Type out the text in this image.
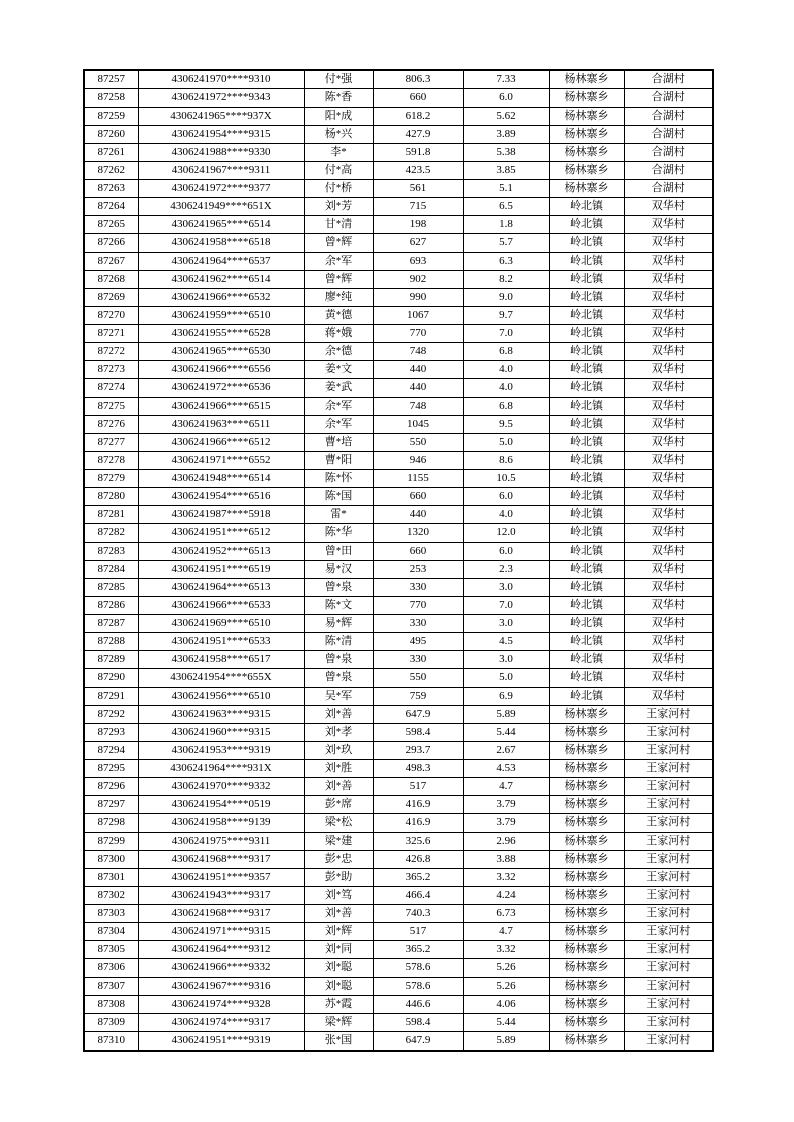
87257	4306241970****9310	付*强	806.3	7.33	杨林寨乡	合湖村
87258	4306241972****9343	陈*香	660	6.0	杨林寨乡	合湖村
87259	4306241965****937X	阳*成	618.2	5.62	杨林寨乡	合湖村
87260	4306241954****9315	杨*兴	427.9	3.89	杨林寨乡	合湖村
87261	4306241988****9330	李*	591.8	5.38	杨林寨乡	合湖村
87262	4306241967****9311	付*高	423.5	3.85	杨林寨乡	合湖村
87263	4306241972****9377	付*桥	561	5.1	杨林寨乡	合湖村
87264	4306241949****651X	刘*芳	715	6.5	岭北镇	双华村
87265	4306241965****6514	甘*清	198	1.8	岭北镇	双华村
87266	4306241958****6518	曾*辉	627	5.7	岭北镇	双华村
87267	4306241964****6537	余*军	693	6.3	岭北镇	双华村
87268	4306241962****6514	曾*辉	902	8.2	岭北镇	双华村
87269	4306241966****6532	廖*纯	990	9.0	岭北镇	双华村
87270	4306241959****6510	黄*德	1067	9.7	岭北镇	双华村
87271	4306241955****6528	蒋*娥	770	7.0	岭北镇	双华村
87272	4306241965****6530	余*德	748	6.8	岭北镇	双华村
87273	4306241966****6556	姜*文	440	4.0	岭北镇	双华村
87274	4306241972****6536	姜*武	440	4.0	岭北镇	双华村
87275	4306241966****6515	余*军	748	6.8	岭北镇	双华村
87276	4306241963****6511	余*军	1045	9.5	岭北镇	双华村
87277	4306241966****6512	曹*培	550	5.0	岭北镇	双华村
87278	4306241971****6552	曹*阳	946	8.6	岭北镇	双华村
87279	4306241948****6514	陈*怀	1155	10.5	岭北镇	双华村
87280	4306241954****6516	陈*国	660	6.0	岭北镇	双华村
87281	4306241987****5918	雷*	440	4.0	岭北镇	双华村
87282	4306241951****6512	陈*华	1320	12.0	岭北镇	双华村
87283	4306241952****6513	曾*田	660	6.0	岭北镇	双华村
87284	4306241951****6519	易*汉	253	2.3	岭北镇	双华村
87285	4306241964****6513	曾*泉	330	3.0	岭北镇	双华村
87286	4306241966****6533	陈*文	770	7.0	岭北镇	双华村
87287	4306241969****6510	易*辉	330	3.0	岭北镇	双华村
87288	4306241951****6533	陈*清	495	4.5	岭北镇	双华村
87289	4306241958****6517	曾*泉	330	3.0	岭北镇	双华村
87290	4306241954****655X	曾*泉	550	5.0	岭北镇	双华村
87291	4306241956****6510	吴*军	759	6.9	岭北镇	双华村
87292	4306241963****9315	刘*善	647.9	5.89	杨林寨乡	王家河村
87293	4306241960****9315	刘*孝	598.4	5.44	杨林寨乡	王家河村
87294	4306241953****9319	刘*玖	293.7	2.67	杨林寨乡	王家河村
87295	4306241964****931X	刘*胜	498.3	4.53	杨林寨乡	王家河村
87296	4306241970****9332	刘*善	517	4.7	杨林寨乡	王家河村
87297	4306241954****0519	彭*席	416.9	3.79	杨林寨乡	王家河村
87298	4306241958****9139	梁*松	416.9	3.79	杨林寨乡	王家河村
87299	4306241975****9311	梁*建	325.6	2.96	杨林寨乡	王家河村
87300	4306241968****9317	彭*忠	426.8	3.88	杨林寨乡	王家河村
87301	4306241951****9357	彭*助	365.2	3.32	杨林寨乡	王家河村
87302	4306241943****9317	刘*笃	466.4	4.24	杨林寨乡	王家河村
87303	4306241968****9317	刘*善	740.3	6.73	杨林寨乡	王家河村
87304	4306241971****9315	刘*辉	517	4.7	杨林寨乡	王家河村
87305	4306241964****9312	刘*同	365.2	3.32	杨林寨乡	王家河村
87306	4306241966****9332	刘*聪	578.6	5.26	杨林寨乡	王家河村
87307	4306241967****9316	刘*聪	578.6	5.26	杨林寨乡	王家河村
87308	4306241974****9328	苏*霞	446.6	4.06	杨林寨乡	王家河村
87309	4306241974****9317	梁*辉	598.4	5.44	杨林寨乡	王家河村
87310	4306241951****9319	张*国	647.9	5.89	杨林寨乡	王家河村
